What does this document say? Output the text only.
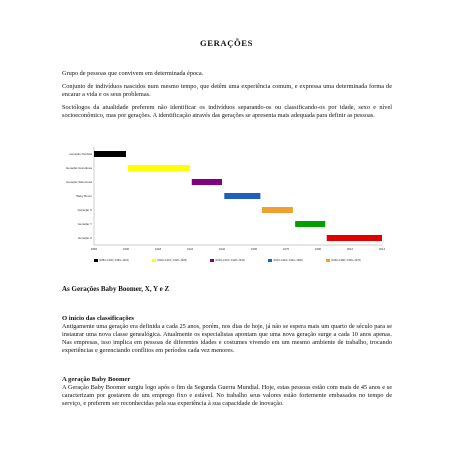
GERAÇÕES
Grupo de pessoas que convivem em determinada época.
Conjunto de indivíduos nascidos num mesmo tempo, que detêm uma experiência comum, e expressa uma determinada forma de encarar a vida e os seus problemas.
Sociólogos da atualidade preferem não identificar os indivíduos separando-os ou classificando-os por idade, sexo e nível socioeconômico, mas por gerações. A identificação através das gerações se apresenta mais adequada para definir as pessoas.
Geração Perdida
Geração Grandiosa
Geração Silenciosa
Baby Boom
Geração X
Geração Y
Geração Z
1883	1900	1918	1924	1942	1956	1976	1990	2012	2014
(1883~1900 | 1983~1924)	(1900~1924 | 1925~1925)	(1925~1943 | 1928~1942)	(1943~1964 | 1946~1960)	(1960~1980 | 1965~1976)
As Gerações Baby Boomer, X, Y e Z
O início das classificações
Antigamente uma geração era definida a cada 25 anos, porém, nos dias de hoje, já não se espera mais um quarto de século para se instaurar uma nova classe genealógica. Atualmente os especialistas apontam que uma nova geração surge a cada 10 anos apenas. Nas empresas, isso implica em pessoas de diferentes idades e costumes vivendo em um mesmo ambiente de trabalho, trocando experiências e gerenciando conflitos em períodos cada vez menores.
A geração Baby Boomer
A Geração Baby Boomer surgiu logo após o fim da Segunda Guerra Mundial. Hoje, estas pessoas estão com mais de 45 anos e se caracterizam por gostarem de um emprego fixo e estável. No trabalho seus valores estão fortemente embasados no tempo de serviço, e preferem ser reconhecidas pela sua experiência à sua capacidade de inovação.
